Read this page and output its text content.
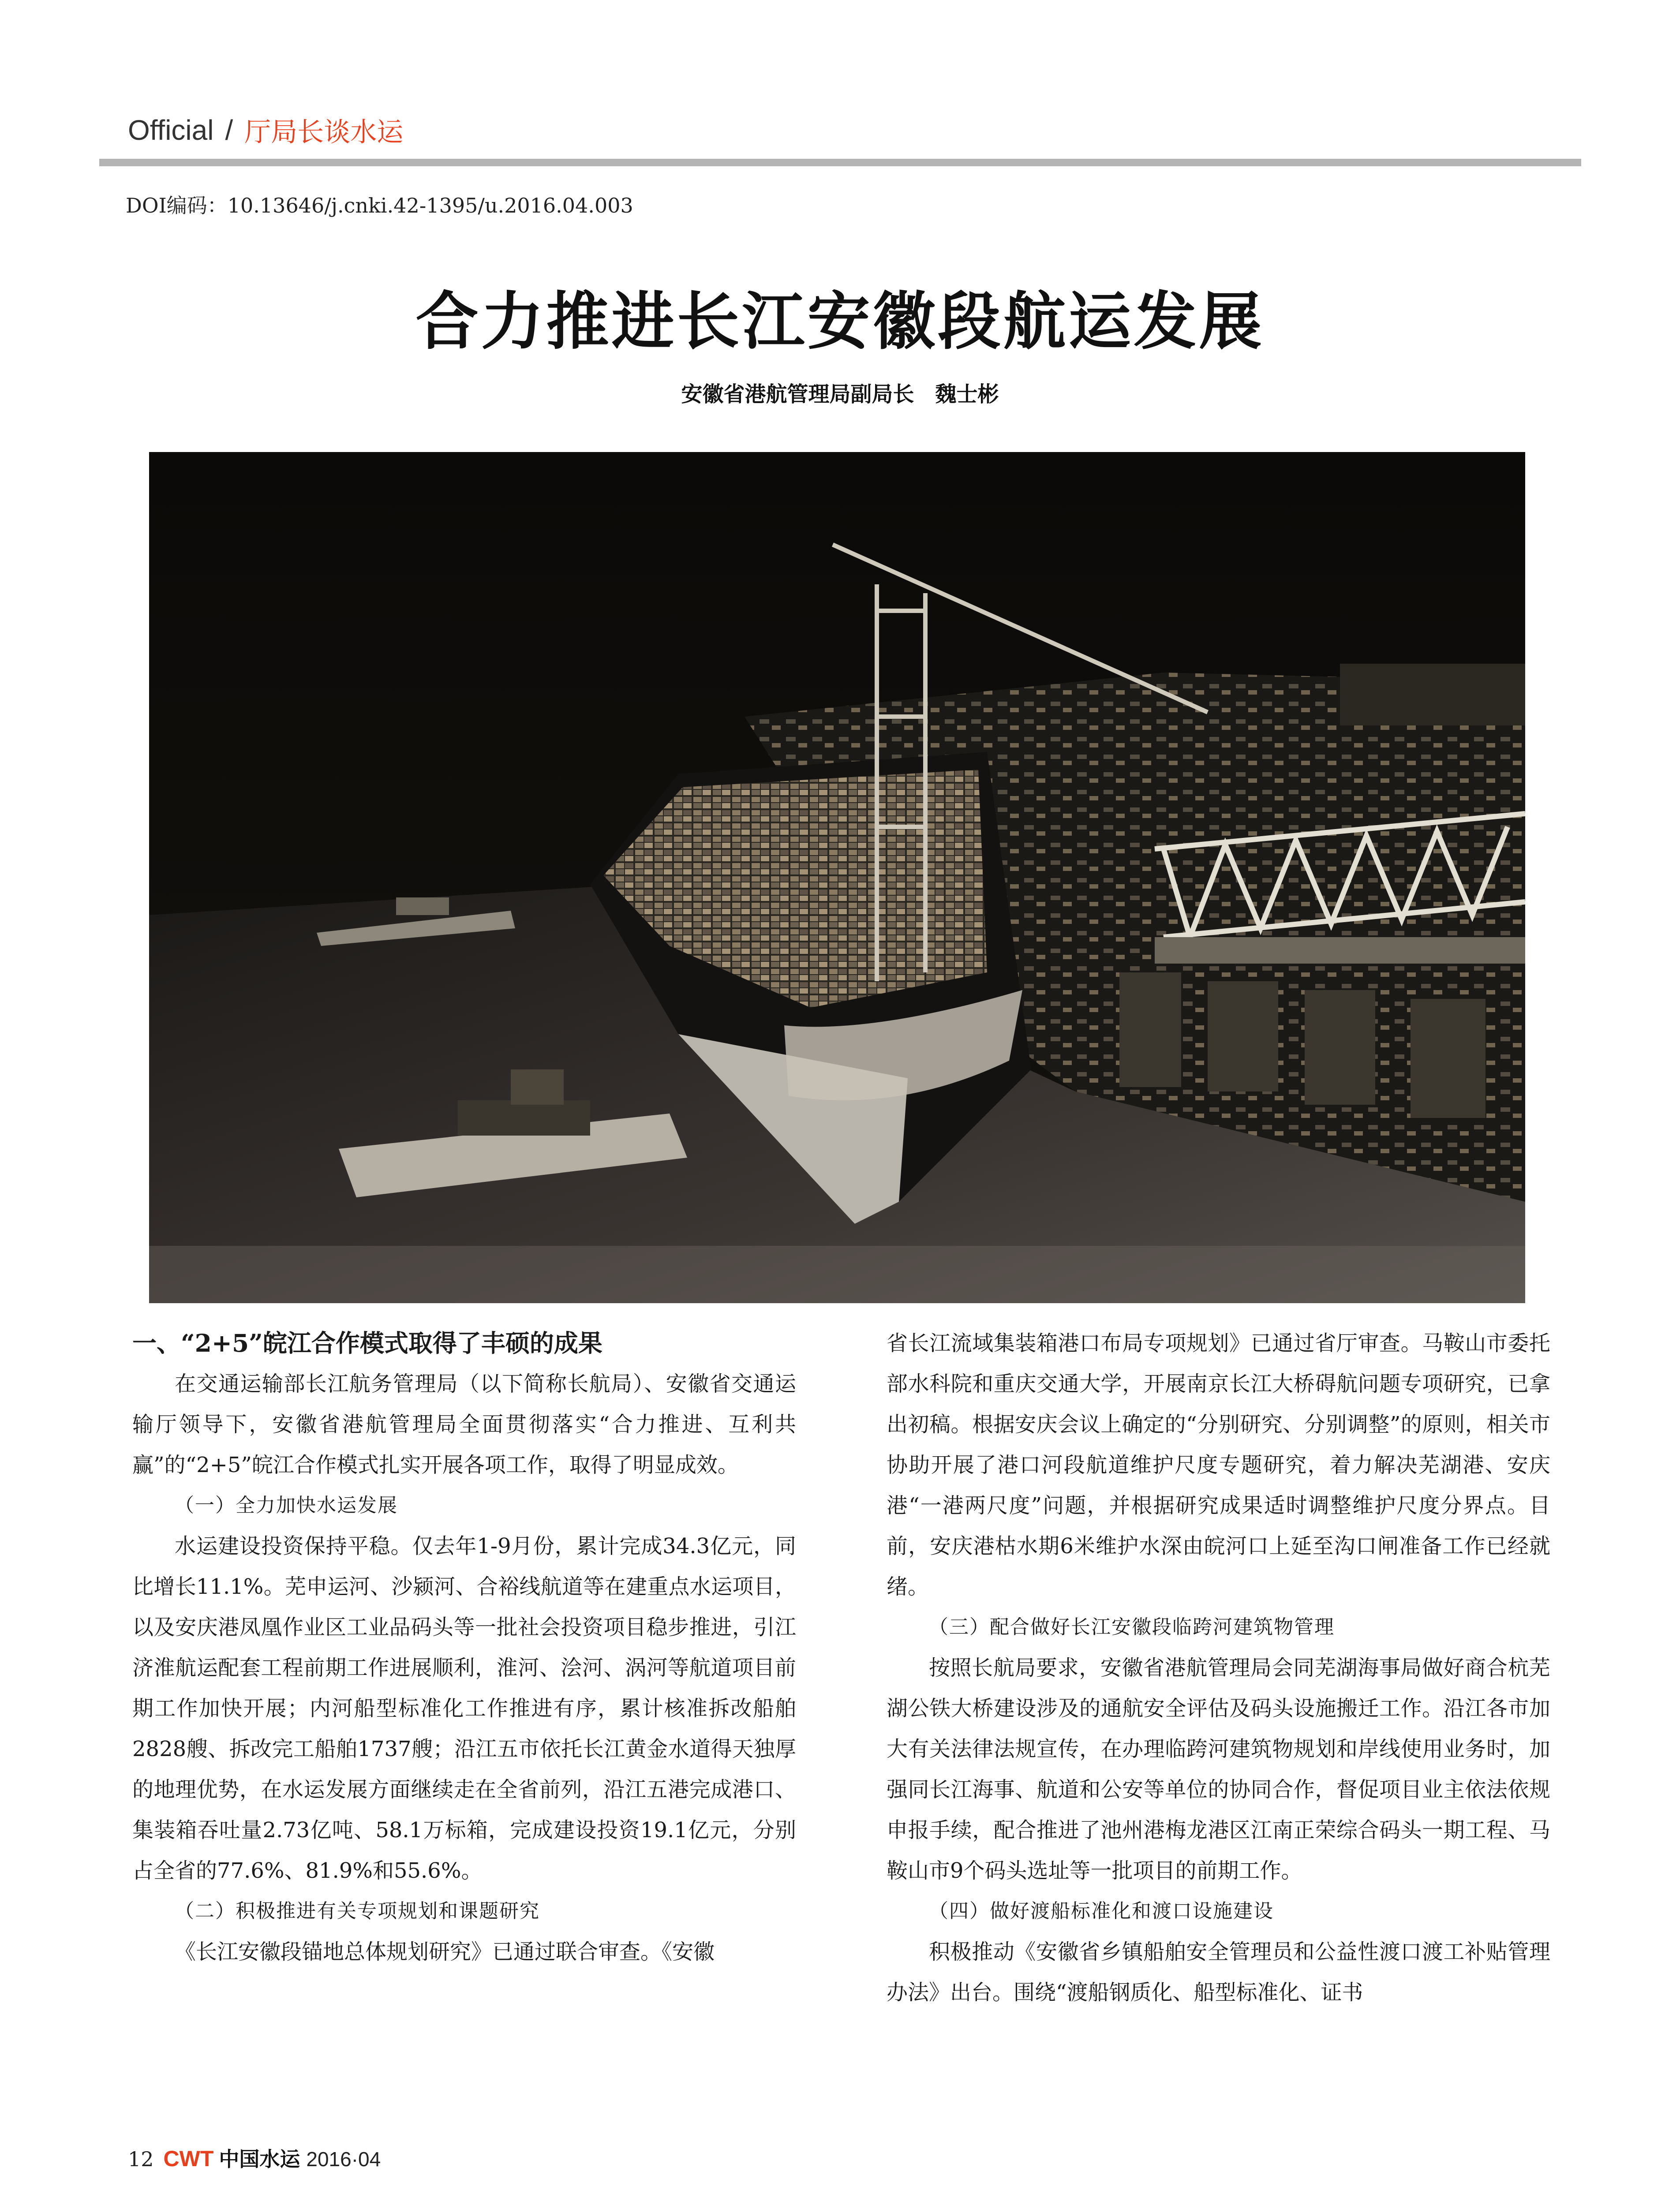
Official / 厅局长谈水运
DOI编码：10.13646/j.cnki.42-1395/u.2016.04.003
合力推进长江安徽段航运发展
安徽省港航管理局副局长　魏士彬

一、“2+5”皖江合作模式取得了丰硕的成果

在交通运输部长江航务管理局（以下简称长航局）、安徽省交通运输厅领导下，安徽省港航管理局全面贯彻落实“合力推进、互利共赢”的“2+5”皖江合作模式扎实开展各项工作，取得了明显成效。

（一）全力加快水运发展

水运建设投资保持平稳。仅去年1-9月份，累计完成34.3亿元，同比增长11.1%。芜申运河、沙颍河、合裕线航道等在建重点水运项目，以及安庆港凤凰作业区工业品码头等一批社会投资项目稳步推进，引江济淮航运配套工程前期工作进展顺利，淮河、浍河、涡河等航道项目前期工作加快开展；内河船型标准化工作推进有序，累计核准拆改船舶2828艘、拆改完工船舶1737艘；沿江五市依托长江黄金水道得天独厚的地理优势，在水运发展方面继续走在全省前列，沿江五港完成港口、集装箱吞吐量2.73亿吨、58.1万标箱，完成建设投资19.1亿元，分别占全省的77.6%、81.9%和55.6%。

（二）积极推进有关专项规划和课题研究

《长江安徽段锚地总体规划研究》已通过联合审查。《安徽

省长江流域集装箱港口布局专项规划》已通过省厅审查。马鞍山市委托部水科院和重庆交通大学，开展南京长江大桥碍航问题专项研究，已拿出初稿。根据安庆会议上确定的“分别研究、分别调整”的原则，相关市协助开展了港口河段航道维护尺度专题研究，着力解决芜湖港、安庆港“一港两尺度”问题，并根据研究成果适时调整维护尺度分界点。目前，安庆港枯水期6米维护水深由皖河口上延至沟口闸准备工作已经就绪。

（三）配合做好长江安徽段临跨河建筑物管理

按照长航局要求，安徽省港航管理局会同芜湖海事局做好商合杭芜湖公铁大桥建设涉及的通航安全评估及码头设施搬迁工作。沿江各市加大有关法律法规宣传，在办理临跨河建筑物规划和岸线使用业务时，加强同长江海事、航道和公安等单位的协同合作，督促项目业主依法依规申报手续，配合推进了池州港梅龙港区江南正荣综合码头一期工程、马鞍山市9个码头选址等一批项目的前期工作。

（四）做好渡船标准化和渡口设施建设

积极推动《安徽省乡镇船舶安全管理员和公益性渡口渡工补贴管理办法》出台。围绕“渡船钢质化、船型标准化、证书

12 CWT 中国水运 2016·04
